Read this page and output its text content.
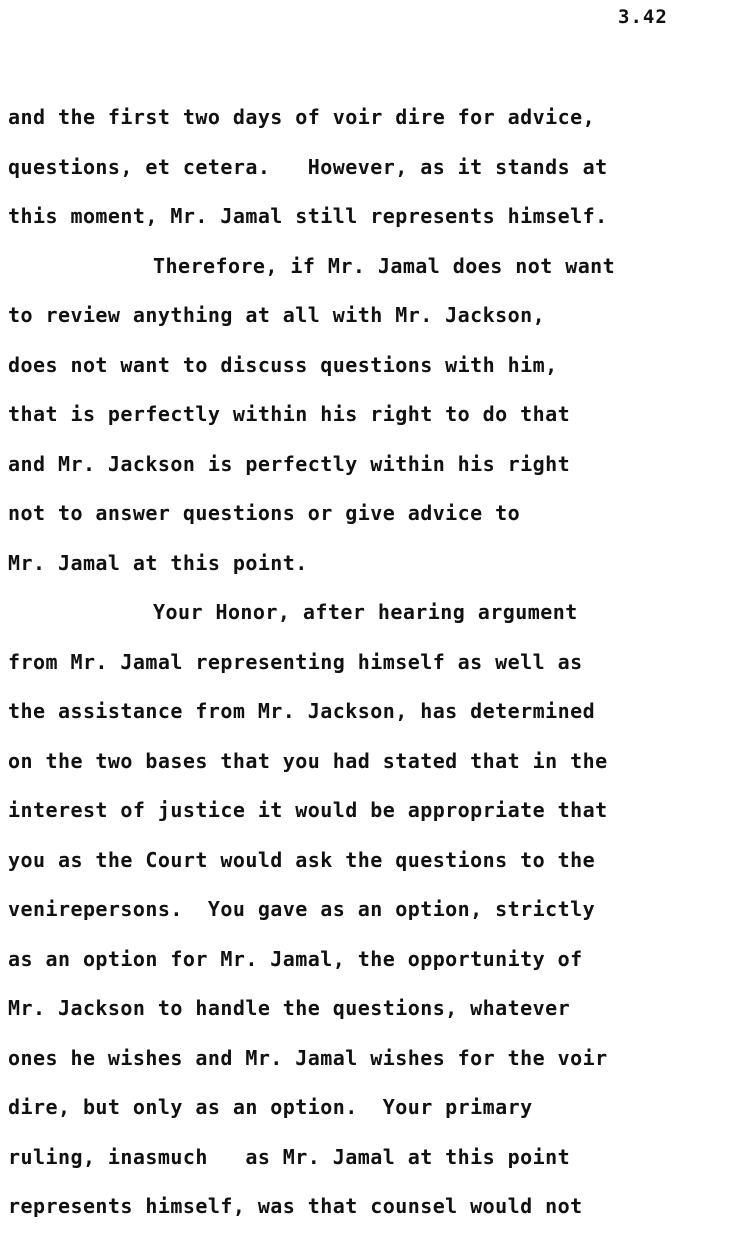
3.42
and the first two days of voir dire for advice,
questions, et cetera.   However, as it stands at
this moment, Mr. Jamal still represents himself.
Therefore, if Mr. Jamal does not want
to review anything at all with Mr. Jackson,
does not want to discuss questions with him,
that is perfectly within his right to do that
and Mr. Jackson is perfectly within his right
not to answer questions or give advice to
Mr. Jamal at this point.
Your Honor, after hearing argument
from Mr. Jamal representing himself as well as
the assistance from Mr. Jackson, has determined
on the two bases that you had stated that in the
interest of justice it would be appropriate that
you as the Court would ask the questions to the
venirepersons.  You gave as an option, strictly
as an option for Mr. Jamal, the opportunity of
Mr. Jackson to handle the questions, whatever
ones he wishes and Mr. Jamal wishes for the voir
dire, but only as an option.  Your primary
ruling, inasmuch   as Mr. Jamal at this point
represents himself, was that counsel would not
